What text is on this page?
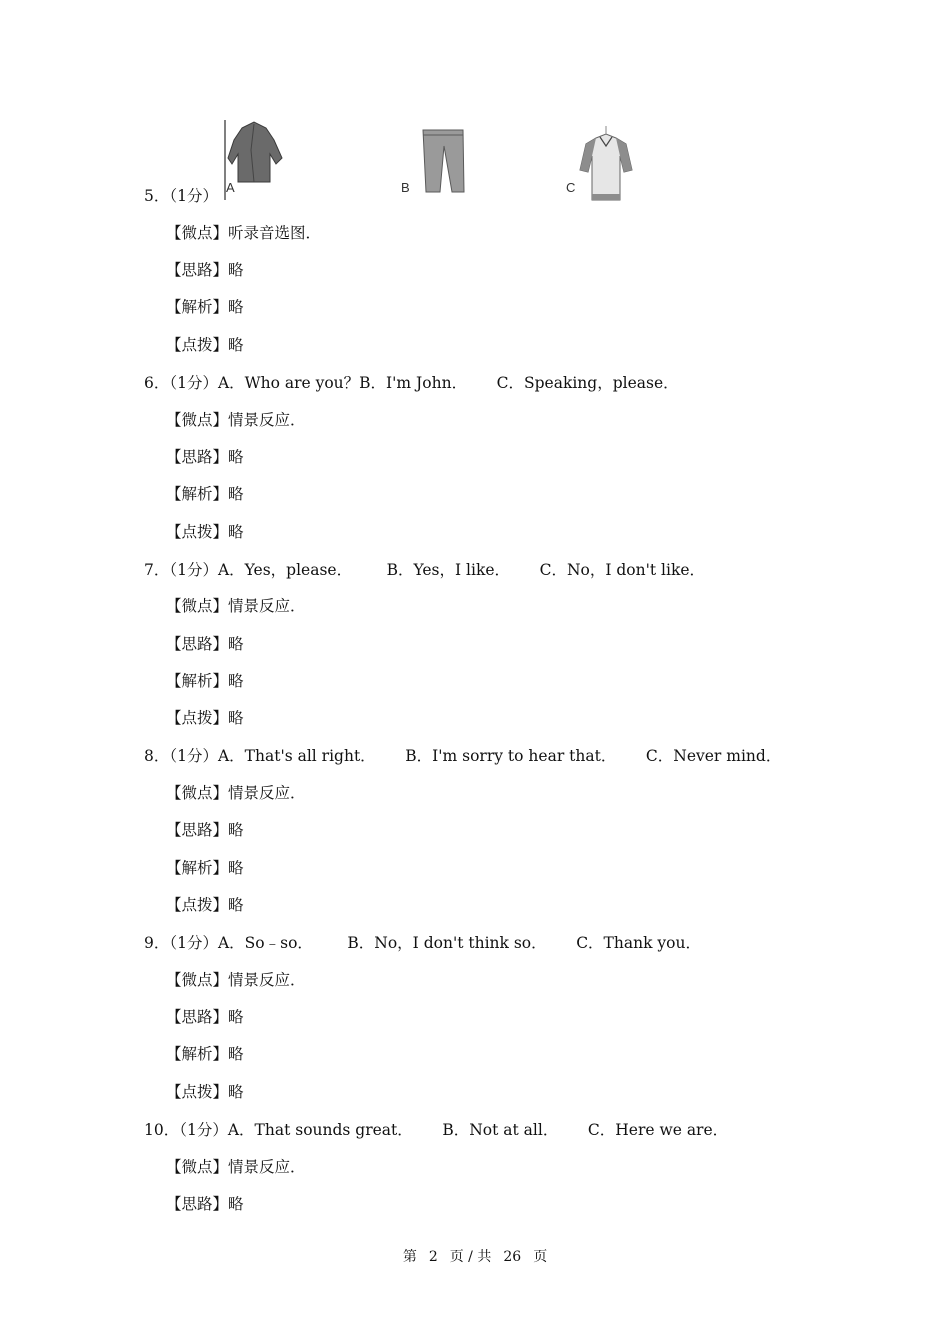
A	B	C
5．（1分）
【微点】听录音选图．
【思路】略
【解析】略
【点拨】略
6．（1分）A．Who are you？B．I'm John．      C．Speaking，please．
【微点】情景反应．
【思路】略
【解析】略
【点拨】略
7．（1分）A．Yes，please．       B．Yes，I like．      C．No，I don't like．
【微点】情景反应．
【思路】略
【解析】略
【点拨】略
8．（1分）A．That's all right．      B．I'm sorry to hear that．      C．Never mind．
【微点】情景反应．
【思路】略
【解析】略
【点拨】略
9．（1分）A．So﹣so．       B．No，I don't think so．      C．Thank you．
【微点】情景反应．
【思路】略
【解析】略
【点拨】略
10．（1分）A．That sounds great．      B．Not at all．      C．Here we are．
【微点】情景反应．
【思路】略
第 2 页 / 共 26 页
